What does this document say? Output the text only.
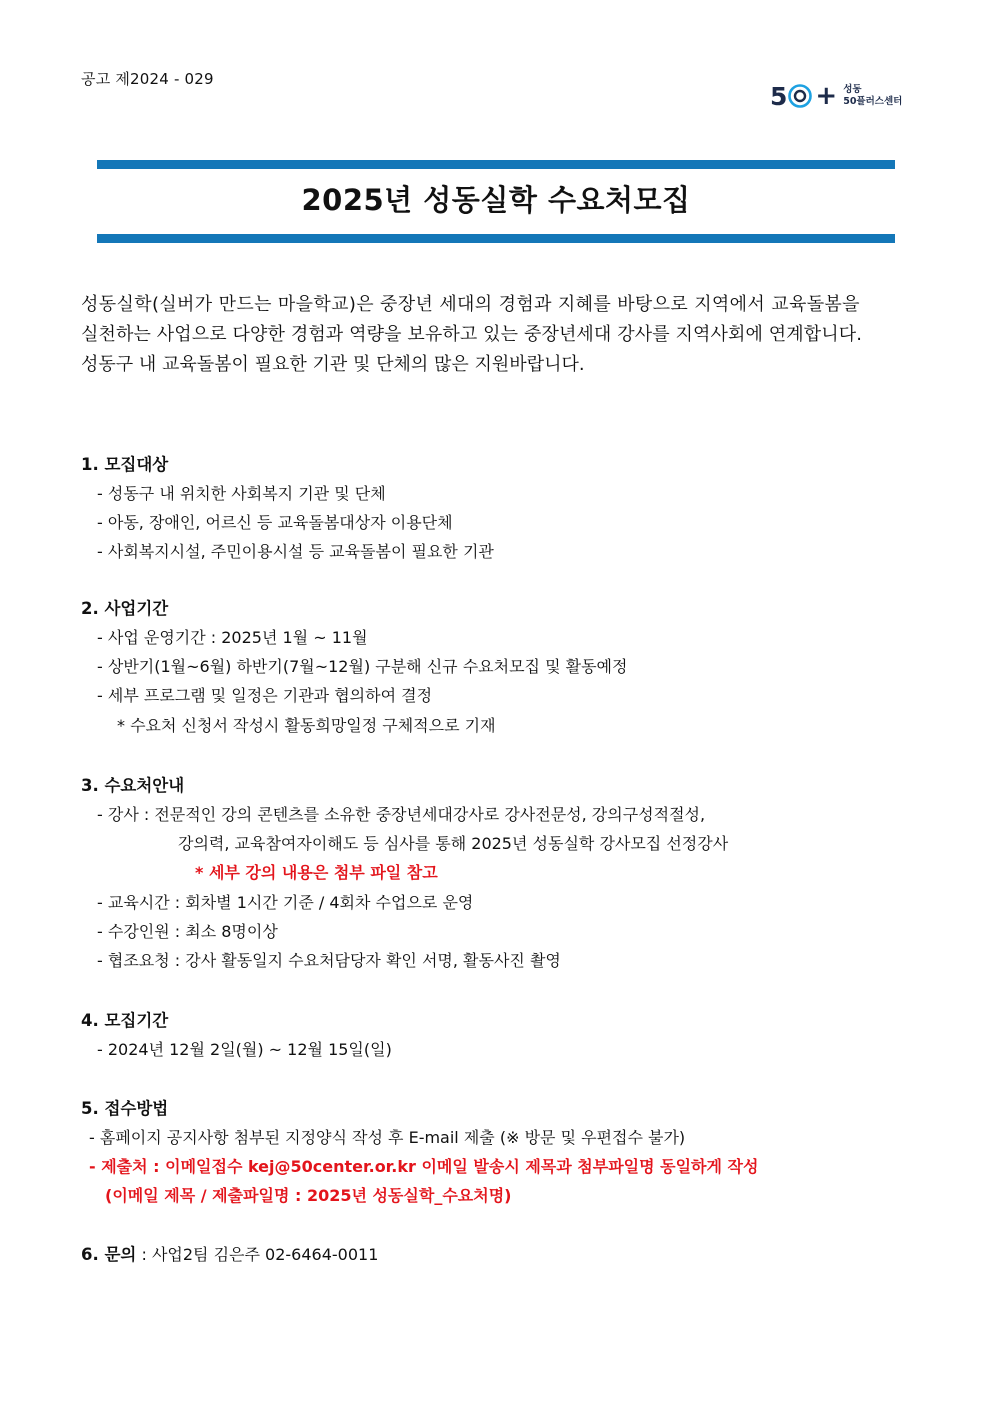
공고 제2024 - 029
5 + 성동
50플러스센터
2025년 성동실학 수요처모집

성동실학(실버가 만드는 마을학교)은 중장년 세대의 경험과 지혜를 바탕으로 지역에서 교육돌봄을

실천하는 사업으로 다양한 경험과 역량을 보유하고 있는 중장년세대 강사를 지역사회에 연계합니다.

성동구 내 교육돌봄이 필요한 기관 및 단체의 많은 지원바랍니다.

1. 모집대상
- 성동구 내 위치한 사회복지 기관 및 단체
- 아동, 장애인, 어르신 등 교육돌봄대상자 이용단체
- 사회복지시설, 주민이용시설 등 교육돌봄이 필요한 기관
2. 사업기간
- 사업 운영기간 : 2025년 1월 ~ 11월
- 상반기(1월~6월) 하반기(7월~12월) 구분해 신규 수요처모집 및 활동예정
- 세부 프로그램 및 일정은 기관과 협의하여 결정
* 수요처 신청서 작성시 활동희망일정 구체적으로 기재
3. 수요처안내
- 강사 : 전문적인 강의 콘텐츠를 소유한 중장년세대강사로 강사전문성, 강의구성적절성,
강의력, 교육참여자이해도 등 심사를 통해 2025년 성동실학 강사모집 선정강사
* 세부 강의 내용은 첨부 파일 참고
- 교육시간 : 회차별 1시간 기준 / 4회차 수업으로 운영
- 수강인원 : 최소 8명이상
- 협조요청 : 강사 활동일지 수요처담당자 확인 서명, 활동사진 촬영
4. 모집기간
- 2024년 12월 2일(월) ~ 12월 15일(일)
5. 접수방법
- 홈페이지 공지사항 첨부된 지정양식 작성 후 E-mail 제출 (※ 방문 및 우편접수 불가)
- 제출처 : 이메일접수 kej@50center.or.kr 이메일 발송시 제목과 첨부파일명 동일하게 작성
(이메일 제목 / 제출파일명 : 2025년 성동실학_수요처명)
6. 문의 : 사업2팀 김은주 02-6464-0011
